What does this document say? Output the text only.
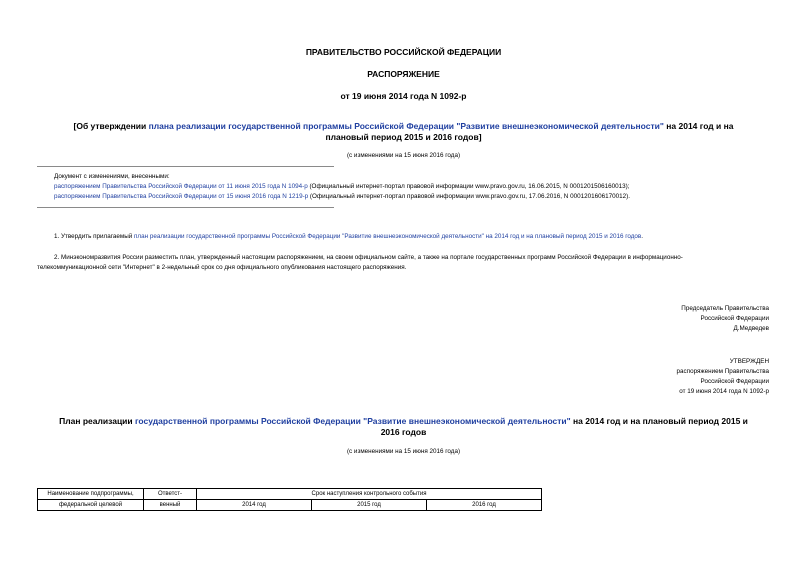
ПРАВИТЕЛЬСТВО РОССИЙСКОЙ ФЕДЕРАЦИИ
РАСПОРЯЖЕНИЕ
от 19 июня 2014 года N 1092-р
[Об утверждении плана реализации государственной программы Российской Федерации "Развитие внешнеэкономической деятельности" на 2014 год и на
плановый период 2015 и 2016 годов]
(с изменениями на 15 июня 2016 года)
Документ с изменениями, внесенными:
распоряжением Правительства Российской Федерации от 11 июня 2015 года N 1094-р (Официальный интернет-портал правовой информации www.pravo.gov.ru, 16.06.2015, N 0001201506160013);
распоряжением Правительства Российской Федерации от 15 июня 2016 года N 1219-р (Официальный интернет-портал правовой информации www.pravo.gov.ru, 17.06.2016, N 0001201606170012).
1. Утвердить прилагаемый план реализации государственной программы Российской Федерации "Развитие внешнеэкономической деятельности" на 2014 год и на плановый период 2015 и 2016 годов.
2. Минэкономразвития России разместить план, утвержденный настоящим распоряжением, на своем официальном сайте, а также на портале государственных программ Российской Федерации в информационно-
телекоммуникационной сети "Интернет" в 2-недельный срок со дня официального опубликования настоящего распоряжения.
Председатель Правительства
Российской Федерации
Д.Медведев
УТВЕРЖДЕН
распоряжением Правительства
Российской Федерации
от 19 июня 2014 года N 1092-р
План реализации государственной программы Российской Федерации "Развитие внешнеэкономической деятельности" на 2014 год и на плановый период 2015 и
2016 годов
(с изменениями на 15 июня 2016 года)
Наименование подпрограммы,	Ответст-	Срок наступления контрольного события		
федеральной целевой	венный	2014 год	2015 год	2016 год
